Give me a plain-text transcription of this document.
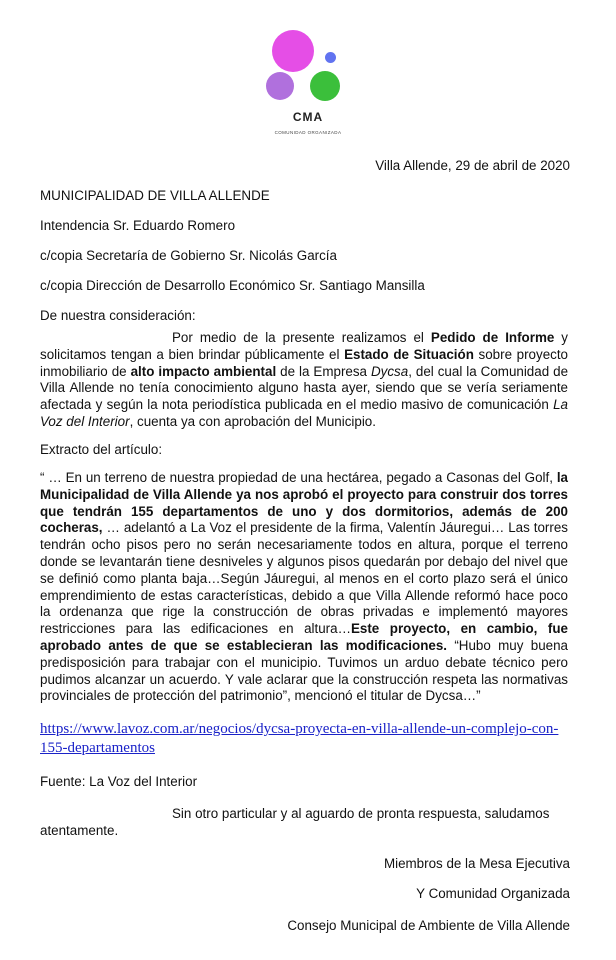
CMA
COMUNIDAD ORGANIZADA
Villa Allende, 29 de abril de 2020
MUNICIPALIDAD DE VILLA ALLENDE
Intendencia Sr. Eduardo Romero
c/copia Secretaría de Gobierno Sr. Nicolás García
c/copia Dirección de Desarrollo Económico Sr. Santiago Mansilla
De nuestra consideración:
Por medio de la presente realizamos el Pedido de Informe y solicitamos tengan a bien brindar públicamente el Estado de Situación sobre proyecto inmobiliario de alto impacto ambiental de la Empresa Dycsa, del cual la Comunidad de Villa Allende no tenía conocimiento alguno hasta ayer, siendo que se vería seriamente afectada y según la nota periodística publicada en el medio masivo de comunicación La Voz del Interior, cuenta ya con aprobación del Municipio.
Extracto del artículo:
“ … En un terreno de nuestra propiedad de una hectárea, pegado a Casonas del Golf, la Municipalidad de Villa Allende ya nos aprobó el proyecto para construir dos torres que tendrán 155 departamentos de uno y dos dormitorios, además de 200 cocheras, … adelantó a La Voz el presidente de la firma, Valentín Jáuregui… Las torres tendrán ocho pisos pero no serán necesariamente todos en altura, porque el terreno donde se levantarán tiene desniveles y algunos pisos quedarán por debajo del nivel que se definió como planta baja…Según Jáuregui, al menos en el corto plazo será el único emprendimiento de estas características, debido a que Villa Allende reformó hace poco la ordenanza que rige la construcción de obras privadas e implementó mayores restricciones para las edificaciones en altura…Este proyecto, en cambio, fue aprobado antes de que se establecieran las modificaciones. “Hubo muy buena predisposición para trabajar con el municipio. Tuvimos un arduo debate técnico pero pudimos alcanzar un acuerdo. Y vale aclarar que la construcción respeta las normativas provinciales de protección del patrimonio”, mencionó el titular de Dycsa…”
https://www.lavoz.com.ar/negocios/dycsa-proyecta-en-villa-allende-un-complejo-con-
155-departamentos
Fuente: La Voz del Interior
Sin otro particular y al aguardo de pronta respuesta, saludamos
atentamente.
Miembros de la Mesa Ejecutiva
Y Comunidad Organizada
Consejo Municipal de Ambiente de Villa Allende
